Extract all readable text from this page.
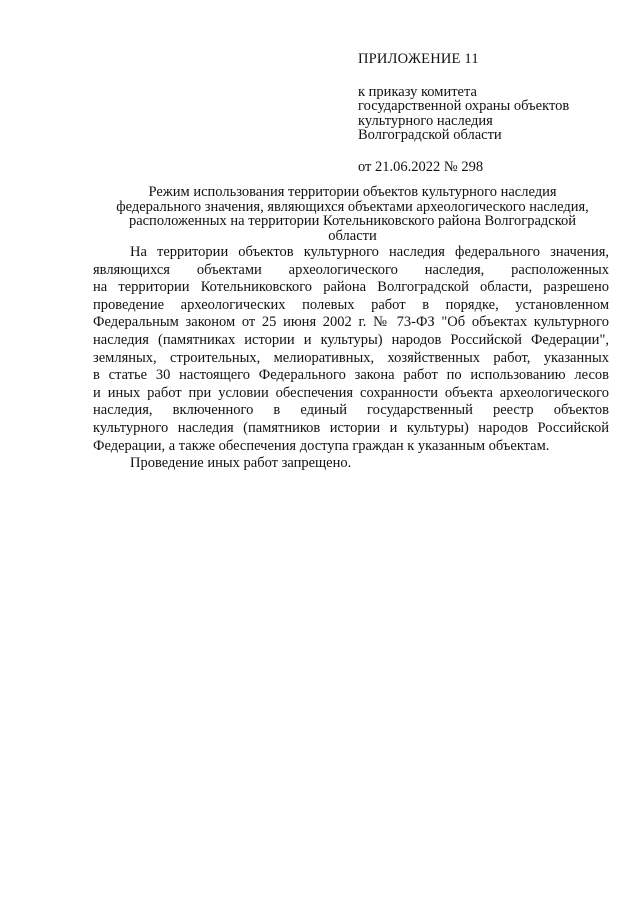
ПРИЛОЖЕНИЕ 11
к приказу комитета
государственной охраны объектов
культурного наследия
Волгоградской области
от 21.06.2022 № 298
Режим использования территории объектов культурного наследия
федерального значения, являющихся объектами археологического наследия,
расположенных на территории Котельниковского района Волгоградской
области
На территории объектов культурного наследия федерального значения,
являющихся объектами археологического наследия, расположенных
на территории Котельниковского района Волгоградской области, разрешено
проведение археологических полевых работ в порядке, установленном
Федеральным законом от 25 июня 2002 г. № 73-ФЗ "Об объектах культурного
наследия (памятниках истории и культуры) народов Российской Федерации",
земляных, строительных, мелиоративных, хозяйственных работ, указанных
в статье 30 настоящего Федерального закона работ по использованию лесов
и иных работ при условии обеспечения сохранности объекта археологического
наследия, включенного в единый государственный реестр объектов
культурного наследия (памятников истории и культуры) народов Российской
Федерации, а также обеспечения доступа граждан к указанным объектам.
Проведение иных работ запрещено.
